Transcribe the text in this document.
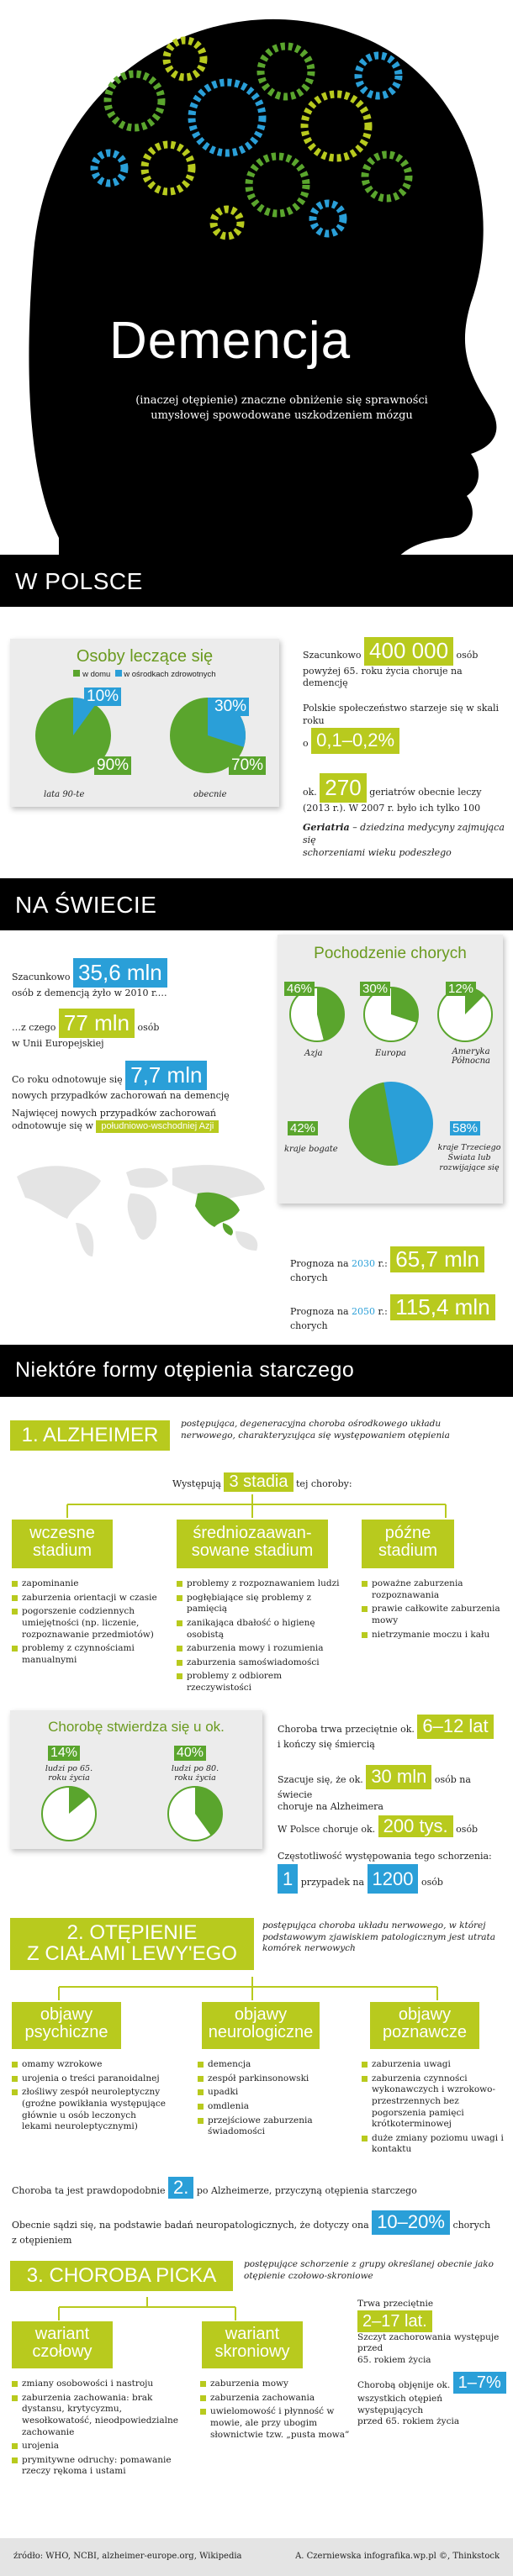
Demencja
(inaczej otępienie) znaczne obniżenie się sprawności
umysłowej spowodowane uszkodzeniem mózgu
W POLSCE
Osoby leczące się
w domu w ośrodkach zdrowotnych
10%
90%
lata 90-te
30%
70%
obecnie
Szacunkowo 400 000 osób
powyżej 65. roku życia choruje na demencję
Polskie społeczeństwo starzeje się w skali roku
o 0,1–0,2%
ok. 270 geriatrów obecnie leczy
(2013 r.). W 2007 r. było ich tylko 100
Geriatria – dziedzina medycyny zajmująca się
schorzeniami wieku podeszłego
NA ŚWIECIE
Szacunkowo 35,6 mln
osób z demencją żyło w 2010 r.…
…z czego 77 mln osób
w Unii Europejskiej
Co roku odnotowuje się 7,7 mln
nowych przypadków zachorowań na demencję
Najwięcej nowych przypadków zachorowań
odnotowuje się w południowo-wschodniej Azji
Pochodzenie chorych
46%
Azja
30%
Europa
12%
Ameryka Północna
42%
kraje bogate
58%
kraje Trzeciego Świata lub rozwijające się
Prognoza na 2030 r.: 65,7 mln chorych
Prognoza na 2050 r.: 115,4 mln chorych
Niektóre formy otępienia starczego
1. ALZHEIMER	postępująca, degeneracyjna choroba ośrodkowego układu nerwowego, charakteryzująca się występowaniem otępienia
Występują 3 stadia tej choroby:
wczesne stadium
zapominanie
zaburzenia orientacji w czasie
pogorszenie codziennych umiejętności (np. liczenie, rozpoznawanie przedmiotów)
problemy z czynnościami manualnymi
średniozaawan-sowane stadium
problemy z rozpoznawaniem ludzi
pogłębiające się problemy z pamięcią
zanikająca dbałość o higienę osobistą
zaburzenia mowy i rozumienia
zaburzenia samoświadomości
problemy z odbiorem rzeczywistości
późne stadium
poważne zaburzenia rozpoznawania
prawie całkowite zaburzenia mowy
nietrzymanie moczu i kału
Chorobę stwierdza się u ok.
14%
ludzi po 65. roku życia
40%
ludzi po 80. roku życia
Choroba trwa przeciętnie ok. 6–12 lat
i kończy się śmiercią
Szacuje się, że ok. 30 mln osób na świecie
choruje na Alzheimera
W Polsce choruje ok. 200 tys. osób
Częstotliwość występowania tego schorzenia:
1 przypadek na 1200 osób
2. OTĘPIENIE
Z CIAŁAMI LEWY'EGO
postępująca choroba układu nerwowego, w której podstawowym zjawiskiem patologicznym jest utrata komórek nerwowych
objawy psychiczne
omamy wzrokowe
urojenia o treści paranoidalnej
złośliwy zespół neuroleptyczny (groźne powikłania występujące głównie u osób leczonych lekami neuroleptycznymi)
objawy neurologiczne
demencja
zespół parkinsonowski
upadki
omdlenia
przejściowe zaburzenia świadomości
objawy poznawcze
zaburzenia uwagi
zaburzenia czynności wykonawczych i wzrokowo-przestrzennych bez pogorszenia pamięci krótkoterminowej
duże zmiany poziomu uwagi i kontaktu
Choroba ta jest prawdopodobnie 2. po Alzheimerze, przyczyną otępienia starczego
Obecnie sądzi się, na podstawie badań neuropatologicznych, że dotyczy ona 10–20% chorych
z otępieniem
3. CHOROBA PICKA	postępujące schorzenie z grupy określanej obecnie jako otępienie czołowo-skroniowe
wariant czołowy
zmiany osobowości i nastroju
zaburzenia zachowania: brak dystansu, krytycyzmu, wesołkowatość, nieodpowiedzialne zachowanie
urojenia
prymitywne odruchy: pomawanie rzeczy rękoma i ustami
wariant skroniowy
zaburzenia mowy
zaburzenia zachowania
uwielomowość i płynność w mowie, ale przy ubogim słownictwie tzw. „pusta mowa”
Trwa przeciętnie 2–17 lat.
Szczyt zachorowania występuje przed
65. rokiem życia
Chorobą objęnije ok. 1–7%
wszystkich otępień występujących
przed 65. rokiem życia
źródło: WHO, NCBI, alzheimer-europe.org, Wikipedia	A. Czerniewska infografika.wp.pl ©, Thinkstock
